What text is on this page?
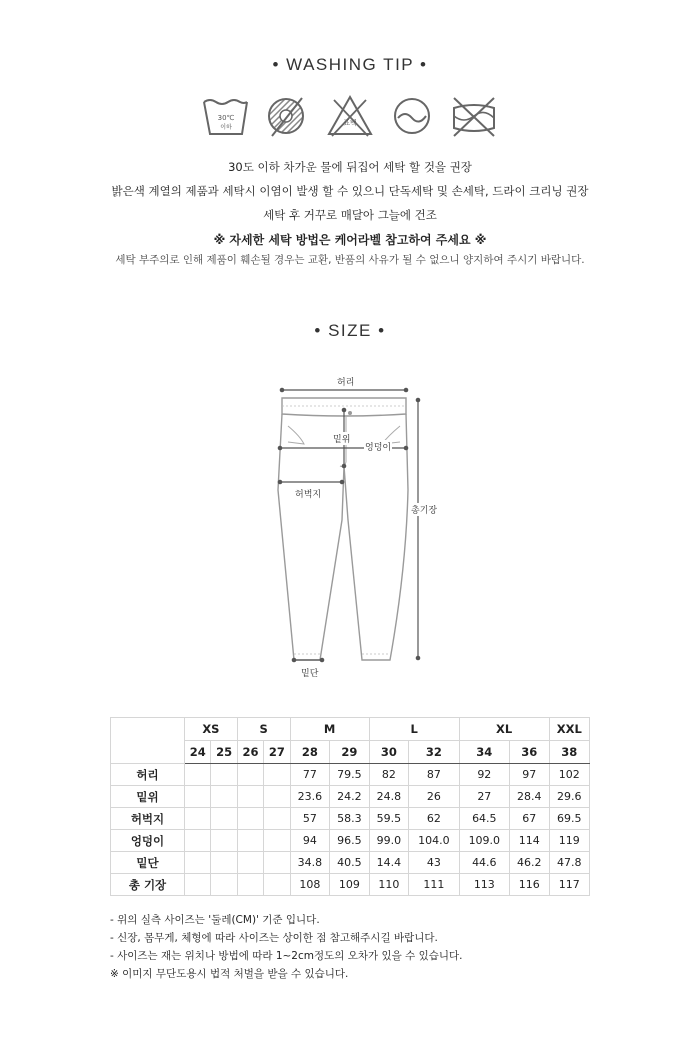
• WASHING TIP •
30℃
이하
표백
30도 이하 차가운 물에 뒤집어 세탁 할 것을 권장
밝은색 계열의 제품과 세탁시 이염이 발생 할 수 있으니 단독세탁 및 손세탁, 드라이 크리닝 권장
세탁 후 거꾸로 매달아 그늘에 건조
※ 자세한 세탁 방법은 케어라벨 참고하여 주세요 ※
세탁 부주의로 인해 제품이 훼손될 경우는 교환, 반품의 사유가 될 수 없으니 양지하여 주시기 바랍니다.
• SIZE •
허리
밑위
엉덩이
허벅지
총기장
밑단
	XS		S		M		L		XL		XXL
	24	25	26	27	28	29	30	32	34	36	38
허리					77	79.5	82	87	92	97	102
밑위					23.6	24.2	24.8	26	27	28.4	29.6
허벅지					57	58.3	59.5	62	64.5	67	69.5
엉덩이					94	96.5	99.0	104.0	109.0	114	119
밑단					34.8	40.5	14.4	43	44.6	46.2	47.8
총 기장					108	109	110	111	113	116	117
- 위의 실측 사이즈는 '둘레(CM)' 기준 입니다.
- 신장, 몸무게, 체형에 따라 사이즈는 상이한 점 참고해주시길 바랍니다.
- 사이즈는 재는 위치나 방법에 따라 1~2cm정도의 오차가 있을 수 있습니다.
※ 이미지 무단도용시 법적 처벌을 받을 수 있습니다.
